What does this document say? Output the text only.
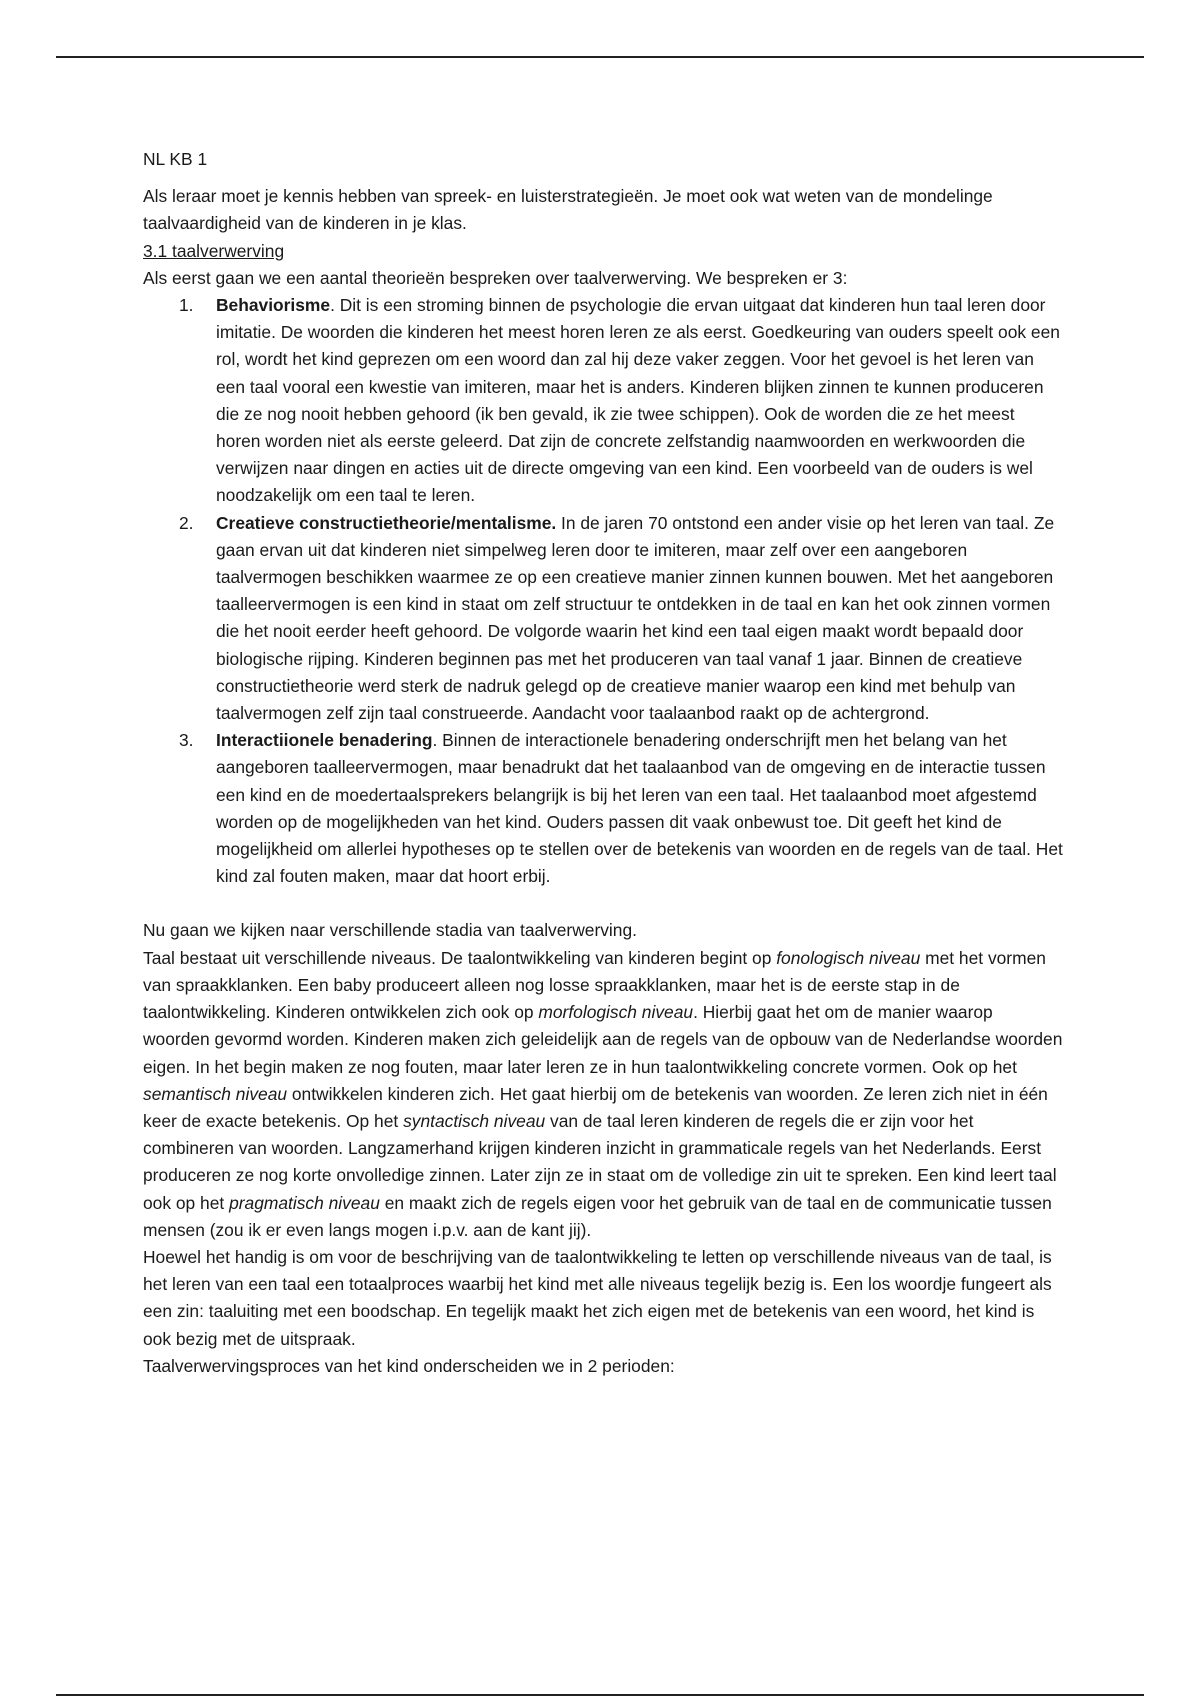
NL KB 1

Als leraar moet je kennis hebben van spreek- en luisterstrategieën. Je moet ook wat weten van de mondelinge taalvaardigheid van de kinderen in je klas.

3.1 taalverwerving

Als eerst gaan we een aantal theorieën bespreken over taalverwerving. We bespreken er 3:

1. Behaviorisme. Dit is een stroming binnen de psychologie die ervan uitgaat dat kinderen hun taal leren door imitatie. De woorden die kinderen het meest horen leren ze als eerst. Goedkeuring van ouders speelt ook een rol, wordt het kind geprezen om een woord dan zal hij deze vaker zeggen. Voor het gevoel is het leren van een taal vooral een kwestie van imiteren, maar het is anders. Kinderen blijken zinnen te kunnen produceren die ze nog nooit hebben gehoord (ik ben gevald, ik zie twee schippen). Ook de worden die ze het meest horen worden niet als eerste geleerd. Dat zijn de concrete zelfstandig naamwoorden en werkwoorden die verwijzen naar dingen en acties uit de directe omgeving van een kind. Een voorbeeld van de ouders is wel noodzakelijk om een taal te leren.
2. Creatieve constructietheorie/mentalisme. In de jaren 70 ontstond een ander visie op het leren van taal. Ze gaan ervan uit dat kinderen niet simpelweg leren door te imiteren, maar zelf over een aangeboren taalvermogen beschikken waarmee ze op een creatieve manier zinnen kunnen bouwen. Met het aangeboren taalleervermogen is een kind in staat om zelf structuur te ontdekken in de taal en kan het ook zinnen vormen die het nooit eerder heeft gehoord. De volgorde waarin het kind een taal eigen maakt wordt bepaald door biologische rijping. Kinderen beginnen pas met het produceren van taal vanaf 1 jaar. Binnen de creatieve constructietheorie werd sterk de nadruk gelegd op de creatieve manier waarop een kind met behulp van taalvermogen zelf zijn taal construeerde. Aandacht voor taalaanbod raakt op de achtergrond.
3. Interactiionele benadering. Binnen de interactionele benadering onderschrijft men het belang van het aangeboren taalleervermogen, maar benadrukt dat het taalaanbod van de omgeving en de interactie tussen een kind en de moedertaalsprekers belangrijk is bij het leren van een taal. Het taalaanbod moet afgestemd worden op de mogelijkheden van het kind. Ouders passen dit vaak onbewust toe. Dit geeft het kind de mogelijkheid om allerlei hypotheses op te stellen over de betekenis van woorden en de regels van de taal. Het kind zal fouten maken, maar dat hoort erbij.

Nu gaan we kijken naar verschillende stadia van taalverwerving.

Taal bestaat uit verschillende niveaus. De taalontwikkeling van kinderen begint op fonologisch niveau met het vormen van spraakklanken. Een baby produceert alleen nog losse spraakklanken, maar het is de eerste stap in de taalontwikkeling. Kinderen ontwikkelen zich ook op morfologisch niveau. Hierbij gaat het om de manier waarop woorden gevormd worden. Kinderen maken zich geleidelijk aan de regels van de opbouw van de Nederlandse woorden eigen. In het begin maken ze nog fouten, maar later leren ze in hun taalontwikkeling concrete vormen. Ook op het semantisch niveau ontwikkelen kinderen zich. Het gaat hierbij om de betekenis van woorden. Ze leren zich niet in één keer de exacte betekenis. Op het syntactisch niveau van de taal leren kinderen de regels die er zijn voor het combineren van woorden. Langzamerhand krijgen kinderen inzicht in grammaticale regels van het Nederlands. Eerst produceren ze nog korte onvolledige zinnen. Later zijn ze in staat om de volledige zin uit te spreken. Een kind leert taal ook op het pragmatisch niveau en maakt zich de regels eigen voor het gebruik van de taal en de communicatie tussen mensen (zou ik er even langs mogen i.p.v. aan de kant jij).

Hoewel het handig is om voor de beschrijving van de taalontwikkeling te letten op verschillende niveaus van de taal, is het leren van een taal een totaalproces waarbij het kind met alle niveaus tegelijk bezig is. Een los woordje fungeert als een zin: taaluiting met een boodschap. En tegelijk maakt het zich eigen met de betekenis van een woord, het kind is ook bezig met de uitspraak.

Taalverwervingsproces van het kind onderscheiden we in 2 perioden:
